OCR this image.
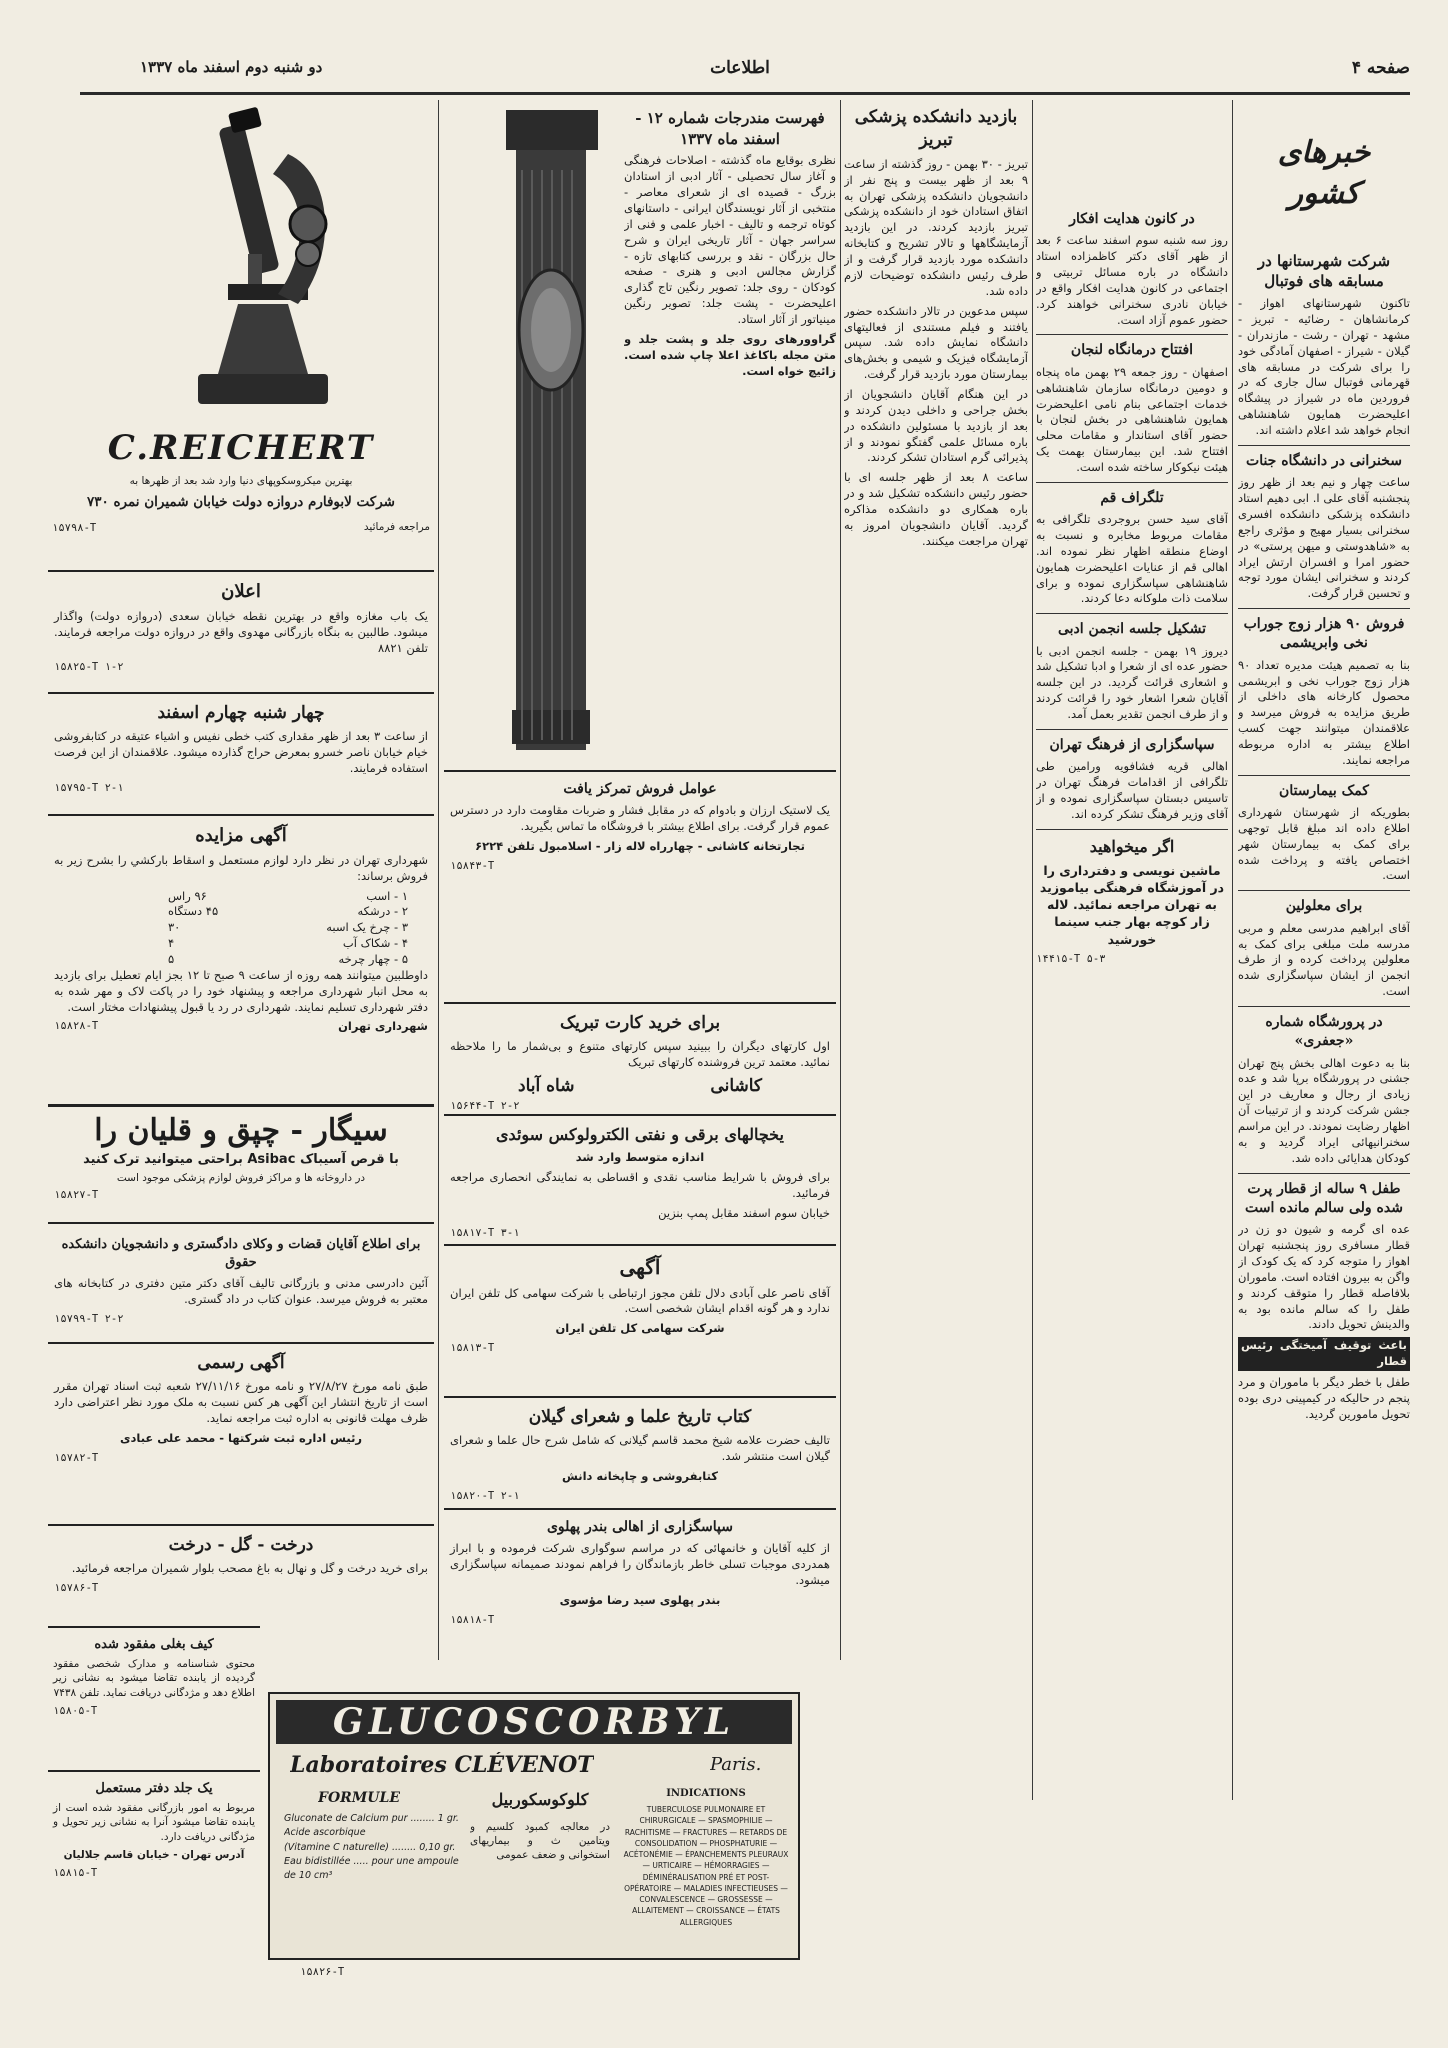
صفحه ۴
اطلاعات
دو شنبه دوم اسفند ماه ۱۳۳۷
خبرهای کشور
شرکت شهرستانها در مسابقه های فوتبال

تاکنون شهرستانهای اهواز - کرمانشاهان - رضائیه - تبریز - مشهد - تهران - رشت - مازندران - گیلان - شیراز - اصفهان آمادگی خود را برای شرکت در مسابقه های قهرمانی فوتبال سال جاری که در فروردین ماه در شیراز در پیشگاه اعلیحضرت همایون شاهنشاهی انجام خواهد شد اعلام داشته اند.

سخنرانی در دانشگاه جنات

ساعت چهار و نیم بعد از ظهر روز پنجشنبه آقای علی ا. ابی دهیم استاد دانشکده پزشکی دانشکده افسری سخنرانی بسیار مهیج و مؤثری راجع به «شاهدوستی و میهن پرستی» در حضور امرا و افسران ارتش ایراد کردند و سخنرانی ایشان مورد توجه و تحسین قرار گرفت.

فروش ۹۰ هزار زوج جوراب نخی وابریشمی

بنا به تصمیم هیئت مدیره تعداد ۹۰ هزار زوج جوراب نخی و ابریشمی محصول کارخانه های داخلی از طریق مزایده به فروش میرسد و علاقمندان میتوانند جهت کسب اطلاع بیشتر به اداره مربوطه مراجعه نمایند.

کمک بیمارستان

بطوریکه از شهرستان شهرداری اطلاع داده اند مبلغ قابل توجهی برای کمک به بیمارستان شهر اختصاص یافته و پرداخت شده است.

برای معلولین

آقای ابراهیم مدرسی معلم و مربی مدرسه ملت مبلغی برای کمک به معلولین پرداخت کرده و از طرف انجمن از ایشان سپاسگزاری شده است.

در پرورشگاه شماره «جعفری»

بنا به دعوت اهالی بخش پنج تهران جشنی در پرورشگاه برپا شد و عده زیادی از رجال و معاریف در این جشن شرکت کردند و از ترتیبات آن اظهار رضایت نمودند. در این مراسم سخنرانیهائی ایراد گردید و به کودکان هدایائی داده شد.

طفل ۹ ساله از قطار پرت شده ولی سالم مانده است

عده ای گرمه و شیون دو زن در قطار مسافری روز پنجشنبه تهران اهواز را متوجه کرد که یک کودک از واگن به بیرون افتاده است. ماموران بلافاصله قطار را متوقف کردند و طفل را که سالم مانده بود به والدینش تحویل دادند.

باعث توقیف آمیختگی رئیس قطار

طفل با خطر دیگر با ماموران و مرد پنجم در حالیکه در کیمپینی دری بوده تحویل مامورین گردید.

در کانون هدایت افکار

روز سه شنبه سوم اسفند ساعت ۶ بعد از ظهر آقای دکتر کاظمزاده استاد دانشگاه در باره مسائل تربیتی و اجتماعی در کانون هدایت افکار واقع در خیابان نادری سخنرانی خواهند کرد. حضور عموم آزاد است.

افتتاح درمانگاه لنجان

اصفهان - روز جمعه ۲۹ بهمن ماه پنجاه و دومین درمانگاه سازمان شاهنشاهی خدمات اجتماعی بنام نامی اعلیحضرت همایون شاهنشاهی در بخش لنجان با حضور آقای استاندار و مقامات محلی افتتاح شد. این بیمارستان بهمت یک هیئت نیکوکار ساخته شده است.

تلگراف قم

آقای سید حسن بروجردی تلگرافی به مقامات مربوط مخابره و نسبت به اوضاع منطقه اظهار نظر نموده اند. اهالی قم از عنایات اعلیحضرت همایون شاهنشاهی سپاسگزاری نموده و برای سلامت ذات ملوکانه دعا کردند.

تشکیل جلسه انجمن ادبی

دیروز ۱۹ بهمن - جلسه انجمن ادبی با حضور عده ای از شعرا و ادبا تشکیل شد و اشعاری قرائت گردید. در این جلسه آقایان شعرا اشعار خود را قرائت کردند و از طرف انجمن تقدیر بعمل آمد.

سپاسگزاری از فرهنگ تهران

اهالی قریه فشافویه ورامین طی تلگرافی از اقدامات فرهنگ تهران در تاسیس دبستان سپاسگزاری نموده و از آقای وزیر فرهنگ تشکر کرده اند.

اگر میخواهید

ماشین نویسی و دفترداری را در آموزشگاه فرهنگی بیاموزید به تهران مراجعه نمائید. لاله زار کوچه بهار جنب سینما خورشید

۱۴۴۱۵-T ۵-۳
بازدید دانشکده پزشکی تبریز

تبریز - ۳۰ بهمن - روز گذشته از ساعت ۹ بعد از ظهر بیست و پنج نفر از دانشجویان دانشکده پزشکی تهران به اتفاق استادان خود از دانشکده پزشکی تبریز بازدید کردند. در این بازدید آزمایشگاهها و تالار تشریح و کتابخانه دانشکده مورد بازدید قرار گرفت و از طرف رئیس دانشکده توضیحات لازم داده شد.

سپس مدعوین در تالار دانشکده حضور یافتند و فیلم مستندی از فعالیتهای دانشگاه نمایش داده شد. سپس آزمایشگاه فیزیک و شیمی و بخش‌های بیمارستان مورد بازدید قرار گرفت.

در این هنگام آقایان دانشجویان از بخش جراحی و داخلی دیدن کردند و بعد از بازدید با مسئولین دانشکده در باره مسائل علمی گفتگو نمودند و از پذیرائی گرم استادان تشکر کردند.

ساعت ۸ بعد از ظهر جلسه ای با حضور رئیس دانشکده تشکیل شد و در باره همکاری دو دانشکده مذاکره گردید. آقایان دانشجویان امروز به تهران مراجعت میکنند.

فهرست مندرجات شماره ۱۲ - اسفند ماه ۱۳۳۷

نظری بوقایع ماه گذشته - اصلاحات فرهنگی و آغاز سال تحصیلی - آثار ادبی از استادان بزرگ - قصیده ای از شعرای معاصر - منتخبی از آثار نویسندگان ایرانی - داستانهای کوتاه ترجمه و تالیف - اخبار علمی و فنی از سراسر جهان - آثار تاریخی ایران و شرح حال بزرگان - نقد و بررسی کتابهای تازه - گزارش مجالس ادبی و هنری - صفحه کودکان - روی جلد: تصویر رنگین تاج گذاری اعلیحضرت - پشت جلد: تصویر رنگین مینیاتور از آثار استاد.

گراوورهای روی جلد و پشت جلد و متن مجله باکاغذ اعلا چاپ شده است. زائیچ خواه است.

عوامل فروش تمرکز یافت

یک لاستیک ارزان و بادوام که در مقابل فشار و ضربات مقاومت دارد در دسترس عموم قرار گرفت. برای اطلاع بیشتر با فروشگاه ما تماس بگیرید.

تجارتخانه کاشانی - چهارراه لاله زار - اسلامبول تلفن ۶۲۲۴

۱۵۸۴۳-T
برای خرید کارت تبریک

اول کارتهای دیگران را ببینید سپس کارتهای متنوع و بی‌شمار ما را ملاحظه نمائید. معتمد ترین فروشنده کارتهای تبریک

کاشانی
شاه آباد
۱۵۶۴۴-T ۲-۲
یخچالهای برقی و نفتی الکترولوکس سوئدی

اندازه متوسط وارد شد

برای فروش با شرایط مناسب نقدی و اقساطی به نمایندگی انحصاری مراجعه فرمائید.

خیابان سوم اسفند مقابل پمپ بنزین

۱۵۸۱۷-T ۳-۱
آگهی

آقای ناصر علی آبادی دلال تلفن مجوز ارتباطی با شرکت سهامی کل تلفن ایران ندارد و هر گونه اقدام ایشان شخصی است.

شرکت سهامی کل تلفن ایران

۱۵۸۱۳-T
کتاب تاریخ علما و شعرای گیلان

تالیف حضرت علامه شیخ محمد قاسم گیلانی که شامل شرح حال علما و شعرای گیلان است منتشر شد.

کتابفروشی و چاپخانه دانش

۱۵۸۲۰-T ۲-۱
سپاسگزاری از اهالی بندر پهلوی

از کلیه آقایان و خانمهائی که در مراسم سوگواری شرکت فرموده و با ابراز همدردی موجبات تسلی خاطر بازماندگان را فراهم نمودند صمیمانه سپاسگزاری میشود.

بندر پهلوی سید رضا مؤسوی

۱۵۸۱۸-T
C.REICHERT
بهترین میکروسکوپهای دنیا وارد شد بعد از ظهرها به
شرکت لابوفارم دروازه دولت خیابان شمیران نمره ۷۳۰
مراجعه فرمائید
۱۵۷۹۸-T
اعلان

یک باب مغازه واقع در بهترین نقطه خیابان سعدی (دروازه دولت) واگذار میشود. طالبین به بنگاه بازرگانی مهدوی واقع در دروازه دولت مراجعه فرمایند. تلفن ۸۸۲۱

۱۵۸۲۵-T ۱-۲
چهار شنبه چهارم اسفند

از ساعت ۳ بعد از ظهر مقداری کتب خطی نفیس و اشیاء عتیقه در کتابفروشی خیام خیابان ناصر خسرو بمعرض حراج گذارده میشود. علاقمندان از این فرصت استفاده فرمایند.

۱۵۷۹۵-T ۲-۱
آگهی مزایده

شهرداری تهران در نظر دارد لوازم مستعمل و اسقاط باركشي را بشرح زير به فروش برساند:

۱ - اسب
۹۶ راس
۲ - درشکه
۴۵ دستگاه
۳ - چرخ یک اسبه
۳۰
۴ - شکاک آب
۴
۵ - چهار چرخه
۵

داوطلبین میتوانند همه روزه از ساعت ۹ صبح تا ۱۲ بجز ایام تعطیل برای بازدید به محل انبار شهرداری مراجعه و پیشنهاد خود را در پاکت لاک و مهر شده به دفتر شهرداری تسلیم نمایند. شهرداری در رد یا قبول پیشنهادات مختار است.

شهرداری تهران
۱۵۸۲۸-T
سیگار - چپق و قلیان را

با قرص آسیباک Asibac براحتی میتوانید ترک کنید

در داروخانه ها و مراکز فروش لوازم پزشکی موجود است

۱۵۸۲۷-T
برای اطلاع آقایان قضات و وکلای دادگستری و دانشجویان دانشکده حقوق

آئین دادرسی مدنی و بازرگانی تالیف آقای دکتر متین دفتری در کتابخانه های معتبر به فروش میرسد. عنوان کتاب در داد گستری.

۱۵۷۹۹-T ۲-۲
آگهی رسمی

طبق نامه مورخ ۲۷/۸/۲۷ و نامه مورخ ۲۷/۱۱/۱۶ شعبه ثبت اسناد تهران مقرر است از تاریخ انتشار این آگهی هر کس نسبت به ملک مورد نظر اعتراضی دارد ظرف مهلت قانونی به اداره ثبت مراجعه نماید.

رئیس اداره ثبت شرکتها - محمد علی عبادی

۱۵۷۸۲-T
درخت - گل - درخت

برای خرید درخت و گل و نهال به باغ مصحب بلوار شمیران مراجعه فرمائید.

۱۵۷۸۶-T
کیف بغلی مفقود شده

محتوی شناسنامه و مدارک شخصی مفقود گردیده از یابنده تقاضا میشود به نشانی زیر اطلاع دهد و مژدگانی دریافت نماید. تلفن ۷۴۳۸

۱۵۸۰۵-T
یک جلد دفتر مستعمل

مربوط به امور بازرگانی مفقود شده است از یابنده تقاضا میشود آنرا به نشانی زیر تحویل و مژدگانی دریافت دارد.

آدرس تهران - خیابان قاسم جلالیان

۱۵۸۱۵-T
GLUCOSCORBYL
Laboratoires CLÉVENOT	Paris.
FORMULE
Gluconate de Calcium pur ........ 1 gr.
Acide ascorbique
(Vitamine C naturelle) ........ 0,10 gr.
Eau bidistillée ..... pour une ampoule de 10 cm³
کلوکوسکوربیل
در معالجه کمبود کلسیم و ویتامین ث و بیماریهای استخوانی و ضعف عمومی
INDICATIONS
TUBERCULOSE PULMONAIRE ET CHIRURGICALE — SPASMOPHILIE — RACHITISME — FRACTURES — RETARDS DE CONSOLIDATION — PHOSPHATURIE — ACÉTONÉMIE — ÉPANCHEMENTS PLEURAUX — URTICAIRE — HÉMORRAGIES — DÉMINÉRALISATION PRÉ ET POST-OPÉRATOIRE — MALADIES INFECTIEUSES — CONVALESCENCE — GROSSESSE — ALLAITEMENT — CROISSANCE — ÉTATS ALLERGIQUES
۱۵۸۲۶-T
